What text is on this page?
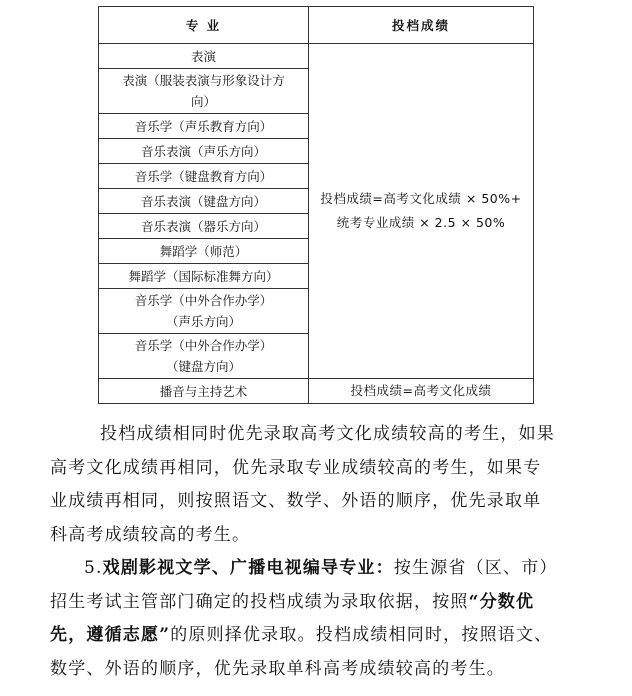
专 业	投档成绩
表演	投档成绩=高考文化成绩 × 50%+
统考专业成绩 × 2.5 × 50%

表演（服装表演与形象设计方
向）	

音乐学（声乐教育方向）	
音乐表演（声乐方向）	
音乐学（键盘教育方向）	
音乐表演（键盘方向）	
音乐表演（器乐方向）	
舞蹈学（师范）	
舞蹈学（国际标准舞方向）	

音乐学（中外合作办学）
（声乐方向）	

音乐学（中外合作办学）
（键盘方向）	

播音与主持艺术	投档成绩=高考文化成绩
投档成绩相同时优先录取高考文化成绩较高的考生，如果
高考文化成绩再相同，优先录取专业成绩较高的考生，如果专
业成绩再相同，则按照语文、数学、外语的顺序，优先录取单
科高考成绩较高的考生。
5.戏剧影视文学、广播电视编导专业：按生源省（区、市）
招生考试主管部门确定的投档成绩为录取依据，按照“分数优
先，遵循志愿”的原则择优录取。投档成绩相同时，按照语文、
数学、外语的顺序，优先录取单科高考成绩较高的考生。
